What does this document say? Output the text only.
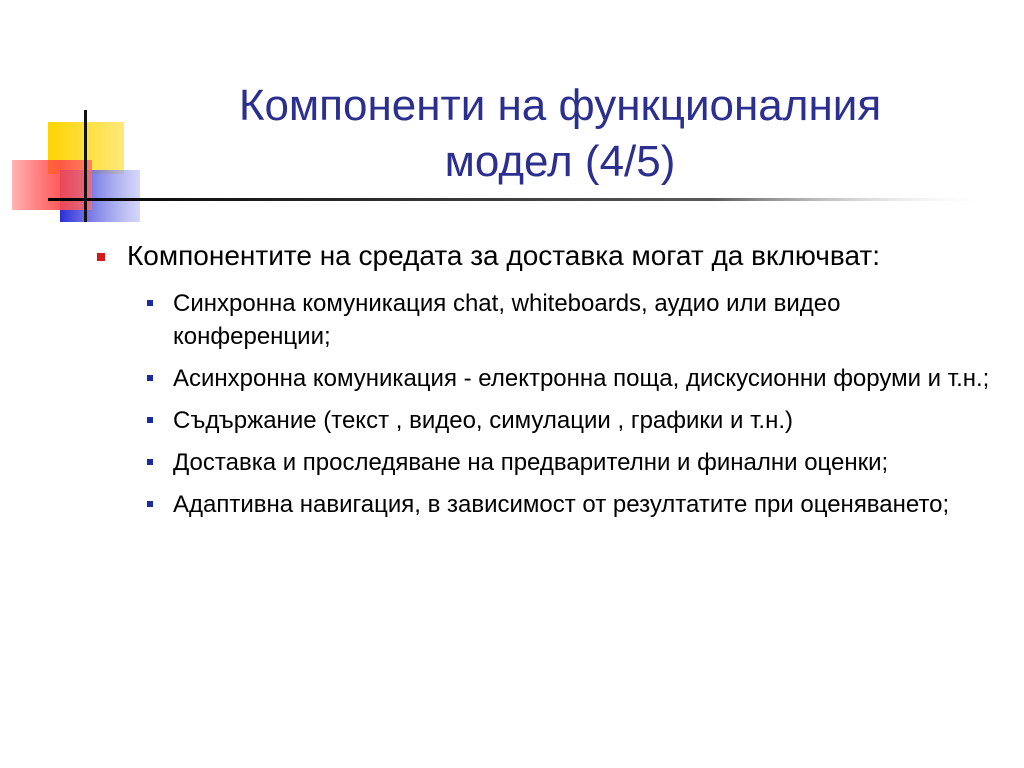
Компоненти на функционалния
модел (4/5)
Компонентите на средата за доставка могат да включват:
Синхронна комуникация chat, whiteboards, аудио или видео конференции;
Асинхронна комуникация - електронна поща, дискусионни форуми и т.н.;
Съдържание (текст , видео, симулации , графики и т.н.)
Доставка и проследяване на предварителни и финални оценки;
Адаптивна навигация, в зависимост от резултатите при оценяването;
